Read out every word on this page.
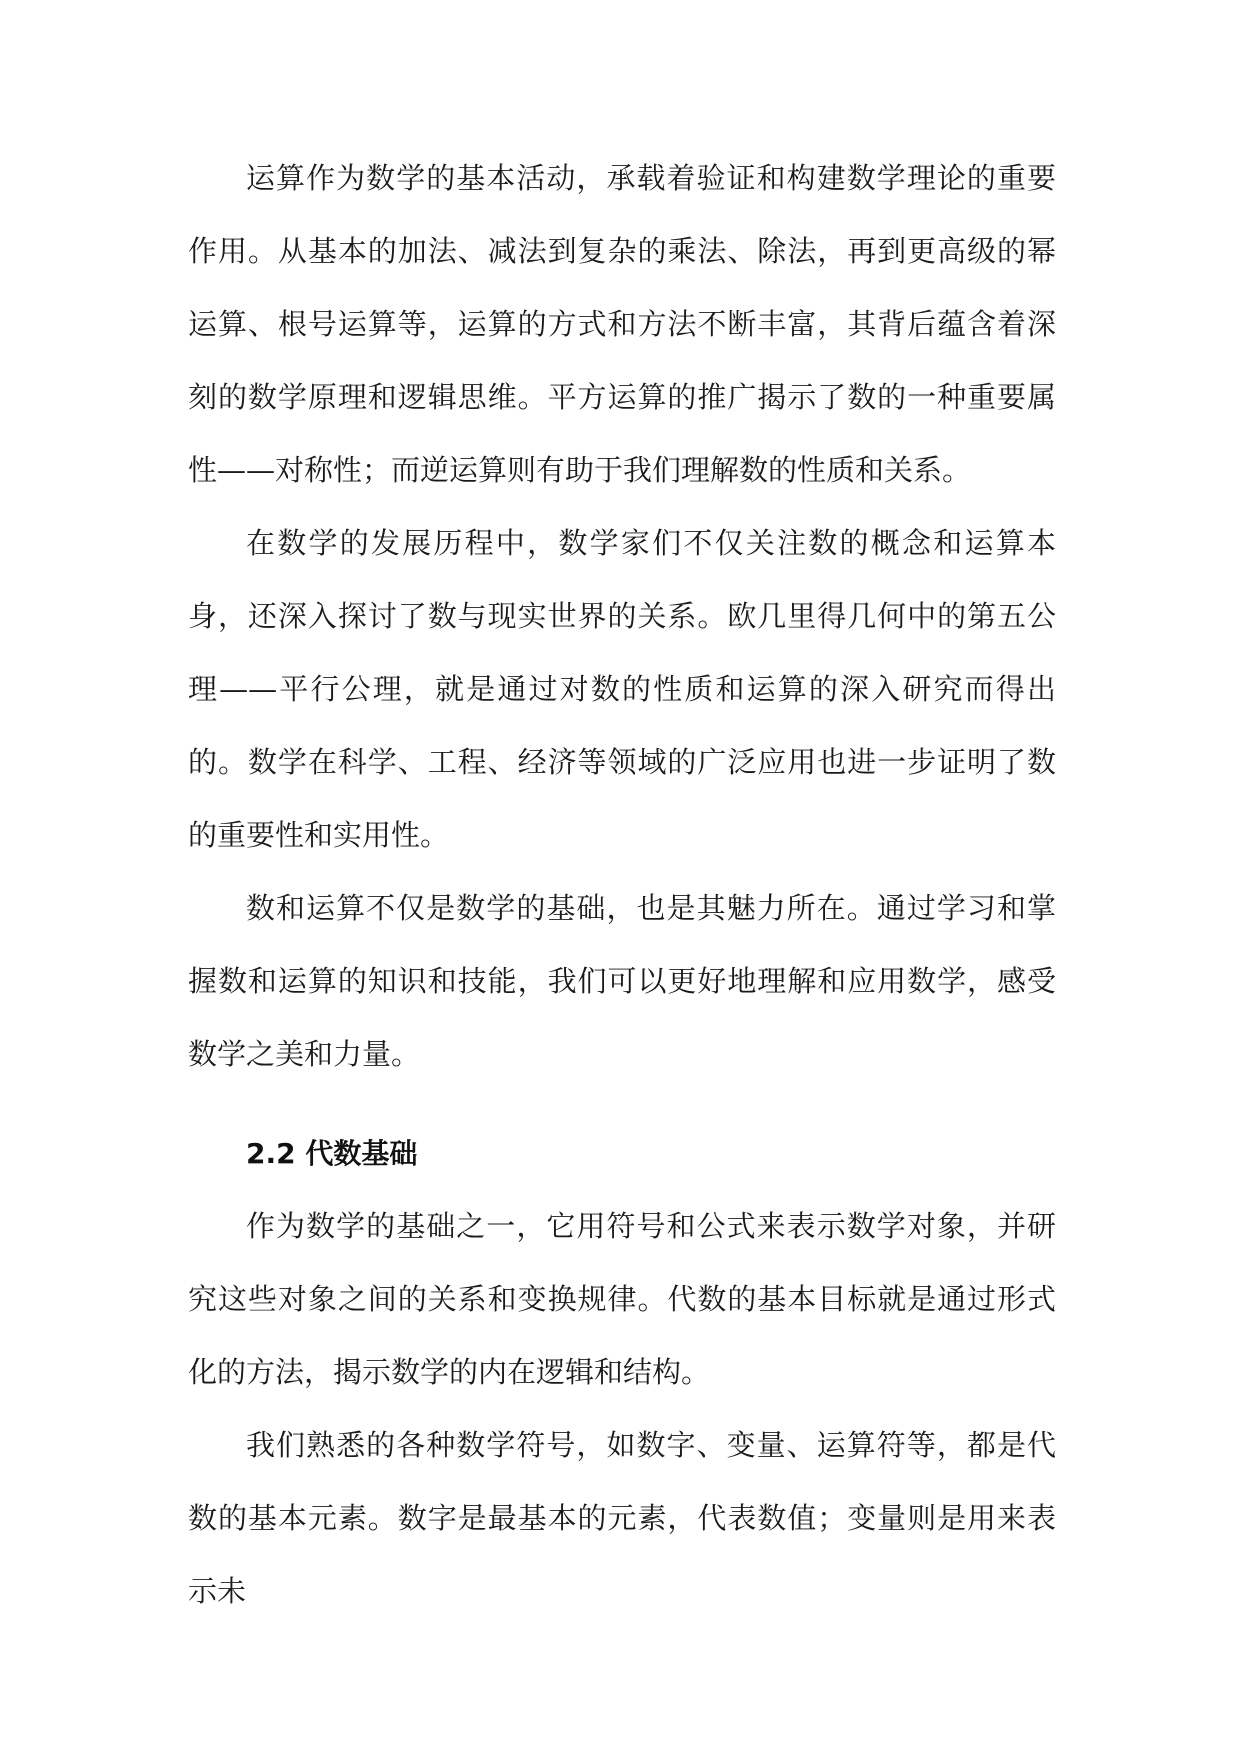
运算作为数学的基本活动，承载着验证和构建数学理论的重要作用。从基本的加法、减法到复杂的乘法、除法，再到更高级的幂运算、根号运算等，运算的方式和方法不断丰富，其背后蕴含着深刻的数学原理和逻辑思维。平方运算的推广揭示了数的一种重要属性——对称性；而逆运算则有助于我们理解数的性质和关系。

在数学的发展历程中，数学家们不仅关注数的概念和运算本身，还深入探讨了数与现实世界的关系。欧几里得几何中的第五公理——平行公理，就是通过对数的性质和运算的深入研究而得出的。数学在科学、工程、经济等领域的广泛应用也进一步证明了数的重要性和实用性。

数和运算不仅是数学的基础，也是其魅力所在。通过学习和掌握数和运算的知识和技能，我们可以更好地理解和应用数学，感受数学之美和力量。

2.2 代数基础

作为数学的基础之一，它用符号和公式来表示数学对象，并研究这些对象之间的关系和变换规律。代数的基本目标就是通过形式化的方法，揭示数学的内在逻辑和结构。

我们熟悉的各种数学符号，如数字、变量、运算符等，都是代数的基本元素。数字是最基本的元素，代表数值；变量则是用来表示未
